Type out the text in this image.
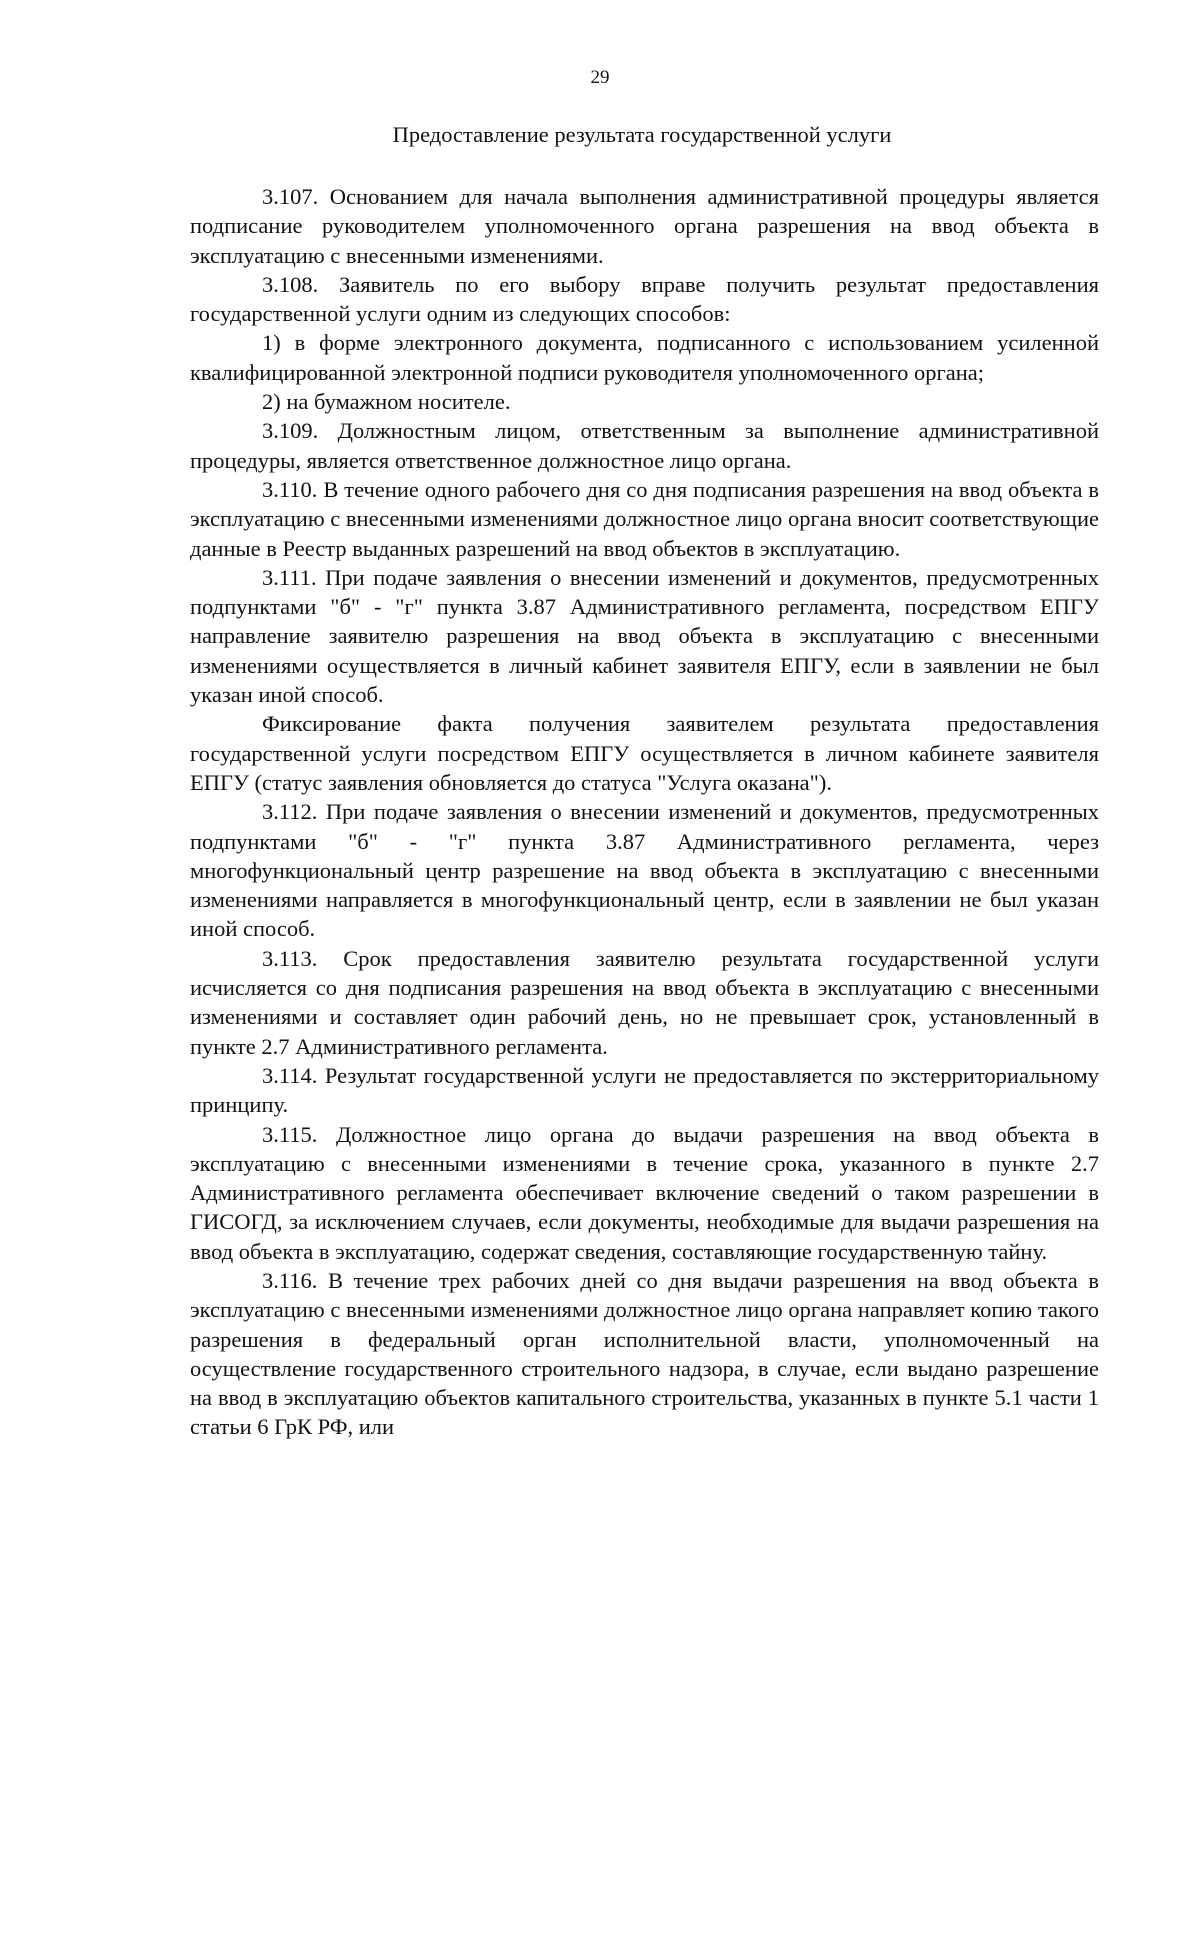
29
Предоставление результата государственной услуги

3.107. Основанием для начала выполнения административной процедуры является подписание руководителем уполномоченного органа разрешения на ввод объекта в эксплуатацию с внесенными изменениями.

3.108. Заявитель по его выбору вправе получить результат предоставления государственной услуги одним из следующих способов:

1) в форме электронного документа, подписанного с использованием усиленной квалифицированной электронной подписи руководителя уполномоченного органа;

2) на бумажном носителе.

3.109. Должностным лицом, ответственным за выполнение административной процедуры, является ответственное должностное лицо органа.

3.110. В течение одного рабочего дня со дня подписания разрешения на ввод объекта в эксплуатацию с внесенными изменениями должностное лицо органа вносит соответствующие данные в Реестр выданных разрешений на ввод объектов в эксплуатацию.

3.111. При подаче заявления о внесении изменений и документов, предусмотренных подпунктами "б" - "г" пункта 3.87 Административного регламента, посредством ЕПГУ направление заявителю разрешения на ввод объекта в эксплуатацию с внесенными изменениями осуществляется в личный кабинет заявителя ЕПГУ, если в заявлении не был указан иной способ.

Фиксирование факта получения заявителем результата предоставления государственной услуги посредством ЕПГУ осуществляется в личном кабинете заявителя ЕПГУ (статус заявления обновляется до статуса "Услуга оказана").

3.112. При подаче заявления о внесении изменений и документов, предусмотренных подпунктами "б" - "г" пункта 3.87 Административного регламента, через многофункциональный центр разрешение на ввод объекта в эксплуатацию с внесенными изменениями направляется в многофункциональный центр, если в заявлении не был указан иной способ.

3.113. Срок предоставления заявителю результата государственной услуги исчисляется со дня подписания разрешения на ввод объекта в эксплуатацию с внесенными изменениями и составляет один рабочий день, но не превышает срок, установленный в пункте 2.7 Административного регламента.

3.114. Результат государственной услуги не предоставляется по экстерриториальному принципу.

3.115. Должностное лицо органа до выдачи разрешения на ввод объекта в эксплуатацию с внесенными изменениями в течение срока, указанного в пункте 2.7 Административного регламента обеспечивает включение сведений о таком разрешении в ГИСОГД, за исключением случаев, если документы, необходимые для выдачи разрешения на ввод объекта в эксплуатацию, содержат сведения, составляющие государственную тайну.

3.116. В течение трех рабочих дней со дня выдачи разрешения на ввод объекта в эксплуатацию с внесенными изменениями должностное лицо органа направляет копию такого разрешения в федеральный орган исполнительной власти, уполномоченный на осуществление государственного строительного надзора, в случае, если выдано разрешение на ввод в эксплуатацию объектов капитального строительства, указанных в пункте 5.1 части 1 статьи 6 ГрК РФ, или
